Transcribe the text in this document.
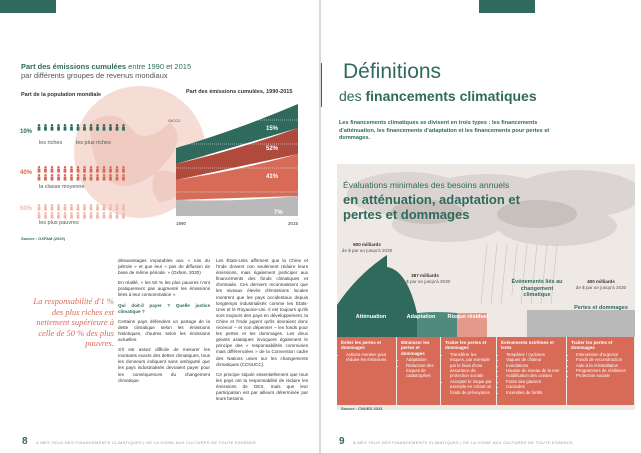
Part des émissions cumulées entre 1990 et 2015
par différents groupes de revenus mondiaux
Part de la population mondiale	Part des émissions cumulées, 1990-2015
10%
les riches	les plus riches
40%
la classe moyenne
50%
les plus pauvres
15%
52%
41%
7%
GtCO2
1990	2015
Source : OXFAM (2020)
La responsabilité d'1 % des plus riches est nettement supérieure à celle de 50 % des plus pauvres.

désavantages imputables aux « rois du pétrole » et que leur « pas de diffusion de base de même période. » (Oxfam, 2020)

En réalité, « les 50 % les plus pauvres n'ont pratiquement pas augmenté les émissions liées à leur consommation ».

Qui doit-il payer ? Quelle justice climatique ?

Certains pays défendent un partage de la dette climatique selon les émissions historiques, d'autres selon les émissions actuelles.

S'il est assez difficile de mesurer les montants exacts des dettes climatiques, tous les donneurs indiquent sans ambiguïté que les pays industrialisés devraient payer pour les conséquences du changement climatique.

Les États-Unis affirment que la Chine et l'Inde doivent non seulement réduire leurs émissions, mais également participer aux financements des fonds climatiques et d'entraide. Ces derniers reconnaissent que les niveaux élevés d'émissions locales montrent que les pays occidentaux depuis longtemps industrialisés comme les États-Unis et le Royaume-Uni. Il est toujours qu'ils sont toujours des pays en développement, la Chine et l'Inde jugent qu'ils devraient donc recevoir – et non dépenser – les fonds pour les pertes et les dommages. Les deux géants asiatiques invoquent également le principe des « responsabilités communes mais différenciées » de la Convention cadre des Nations unies sur les changements climatiques (CCNUCC).

Ce principe stipule essentiellement que tous les pays ont la responsabilité de réduire les émissions de GES, mais que leur participation est par ailleurs déterminée par leurs besoins.

8 À MES YEUX DES FINANCEMENTS CLIMATIQUES | DE LA VIGNE AUX CULTURES DE TOUTE ESSENCE
Définitions
des financements climatiques
Les financements climatiques se divisent en trois types : les financements d'atténuation, les financements d'adaptation et les financements pour pertes et dommages.
Évaluations minimales des besoins annuels
en atténuation, adaptation et pertes et dommages
600 milliards
de $ par an jusqu'à 2030
387 milliards
de $ par an jusqu'à 2030	400 milliards
de $ par an jusqu'à 2030
Atténuation	Adaptation	Risque résiduel
Événements liés au changement climatique
Pertes et dommages
Éviter les pertes et dommages
• Actions menées pour réduire les émissions
Minimiser les pertes et dommages
• Adaptation
• Réduction des risques de catastrophes
Traiter les pertes et dommages
• Transférer les risques, par exemple par le biais d'une assurance de protection sociale
• Accepter le risque par exemple en créant un fonds de prévoyance
Événements extrêmes et lents
• Tempêtes / cyclones
• Vagues de chaleur
• Inondations
• Hausse du niveau de la mer
• Acidification des océans
• Fonte des glaciers
• Canicules
• Incendies de forêts
Traiter les pertes et dommages
• Intervention d'urgence
• Fonds de reconstruction
• Aide à la réinstallation
• Programmes de résilience
• Protection sociale
Source : CNUED 2023
9 À MES YEUX DES FINANCEMENTS CLIMATIQUES | DE LA VIGNE AUX CULTURES DE TOUTE ESSENCE
